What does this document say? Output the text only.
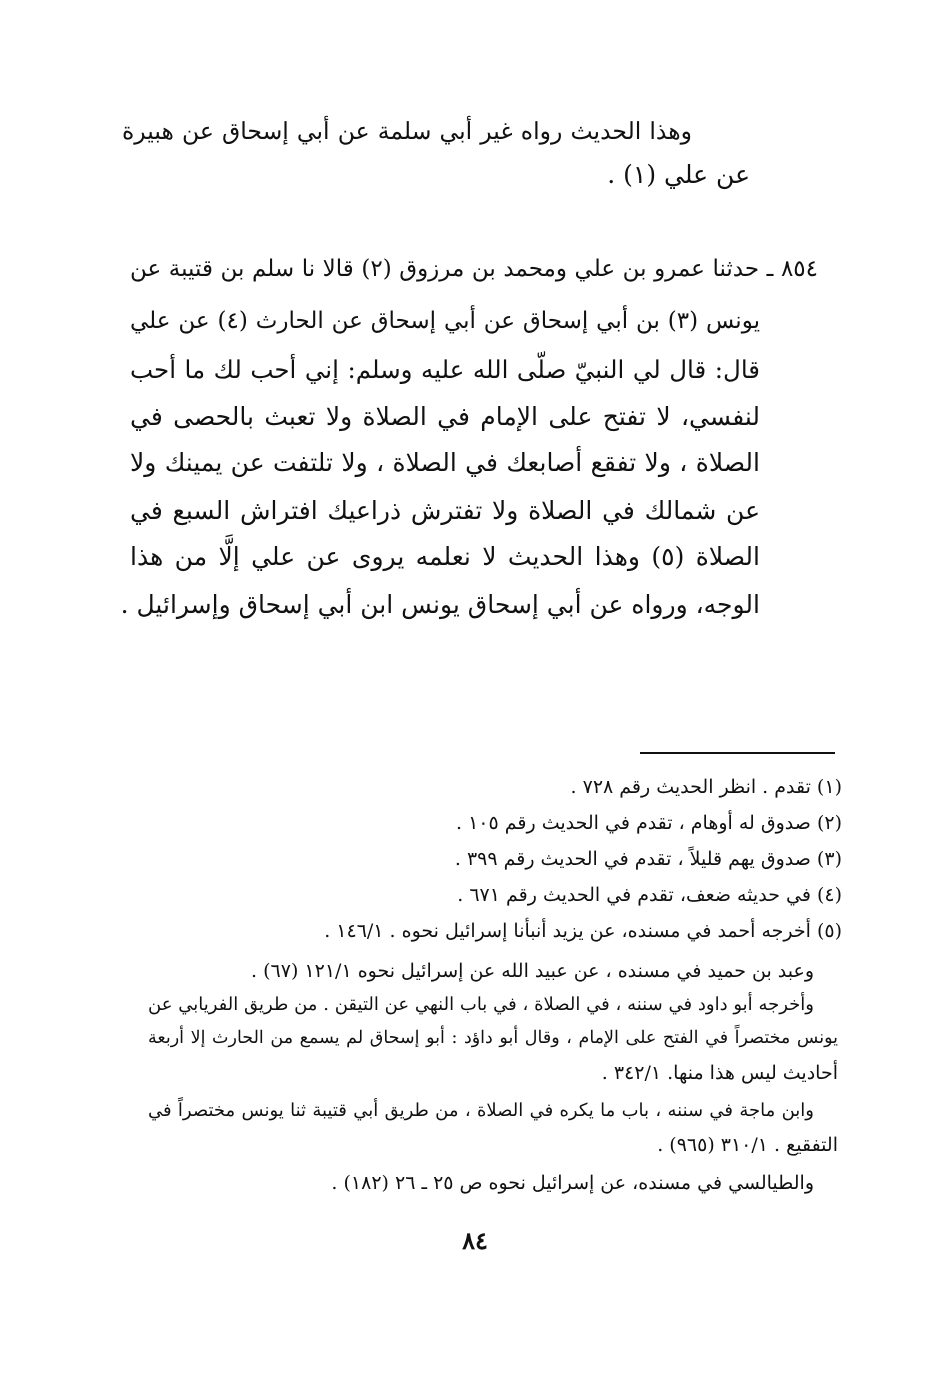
وهذا الحديث رواه غير أبي سلمة عن أبي إسحاق عن هبيرة
عن علي (١) .
٨٥٤ ـ حدثنا عمرو بن علي ومحمد بن مرزوق (٢) قالا نا سلم بن قتيبة عن
يونس (٣) بن أبي إسحاق عن أبي إسحاق عن الحارث (٤) عن علي
قال: قال لي النبيّ صلّى الله عليه وسلم: إني أحب لك ما أحب
لنفسي، لا تفتح على الإمام في الصلاة ولا تعبث بالحصى في
الصلاة ، ولا تفقع أصابعك في الصلاة ، ولا تلتفت عن يمينك ولا
عن شمالك في الصلاة ولا تفترش ذراعيك افتراش السبع في
الصلاة (٥) وهذا الحديث لا نعلمه يروى عن علي إلَّا من هذا
الوجه، ورواه عن أبي إسحاق يونس ابن أبي إسحاق وإسرائيل .
(١) تقدم . انظر الحديث رقم ٧٢٨ .
(٢) صدوق له أوهام ، تقدم في الحديث رقم ١٠٥ .
(٣) صدوق يهم قليلاً ، تقدم في الحديث رقم ٣٩٩ .
(٤) في حديثه ضعف، تقدم في الحديث رقم ٦٧١ .
(٥) أخرجه أحمد في مسنده، عن يزيد أنبأنا إسرائيل نحوه . ١٤٦/١ .
وعبد بن حميد في مسنده ، عن عبيد الله عن إسرائيل نحوه ١٢١/١ (٦٧) .
وأخرجه أبو داود في سننه ، في الصلاة ، في باب النهي عن التيقن . من طريق الفريابي عن
يونس مختصراً في الفتح على الإمام ، وقال أبو داؤد : أبو إسحاق لم يسمع من الحارث إلا أربعة
أحاديث ليس هذا منها. ٣٤٢/١ .
وابن ماجة في سننه ، باب ما يكره في الصلاة ، من طريق أبي قتيبة ثنا يونس مختصراً في
التفقيع . ٣١٠/١ (٩٦٥) .
والطيالسي في مسنده، عن إسرائيل نحوه ص ٢٥ ـ ٢٦ (١٨٢) .
٨٤
